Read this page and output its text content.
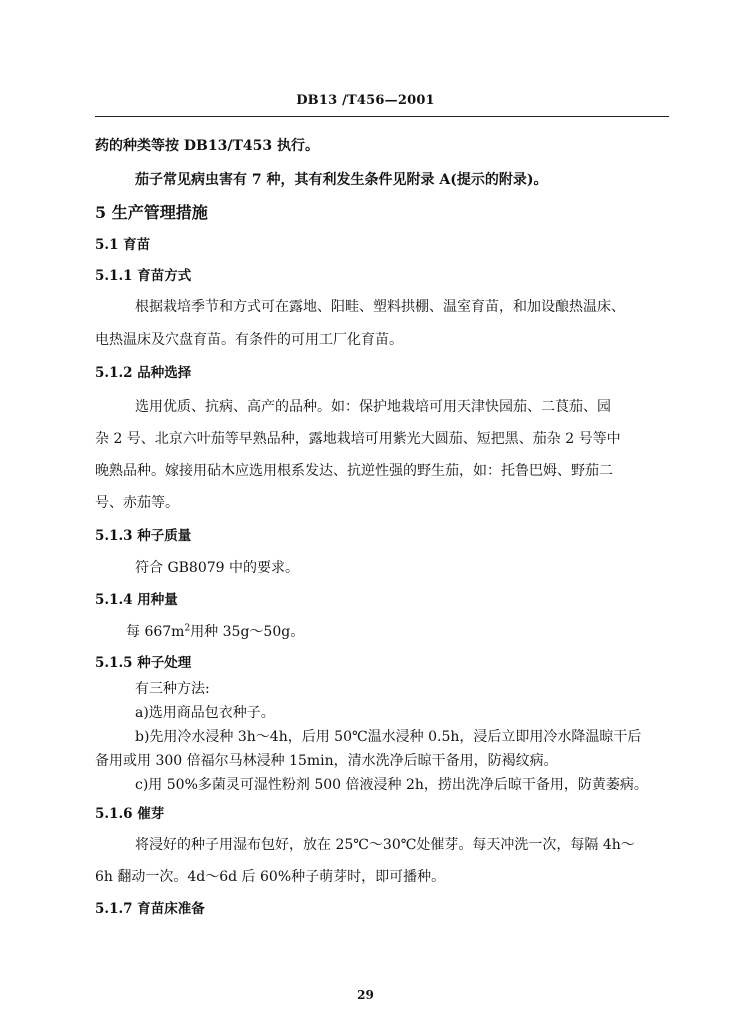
DB13 /T456—2001
药的种类等按 DB13/T453 执行。
茄子常见病虫害有 7 种，其有利发生条件见附录 A(提示的附录)。
5 生产管理措施
5.1 育苗
5.1.1 育苗方式
根据栽培季节和方式可在露地、阳畦、塑料拱棚、温室育苗，和加设酿热温床、
电热温床及穴盘育苗。有条件的可用工厂化育苗。
5.1.2 品种选择
选用优质、抗病、高产的品种。如：保护地栽培可用天津快园茄、二茛茄、园
杂 2 号、北京六叶茄等早熟品种，露地栽培可用紫光大圆茄、短把黑、茄杂 2 号等中
晚熟品种。嫁接用砧木应选用根系发达、抗逆性强的野生茄，如：托鲁巴姆、野茄二
号、赤茄等。
5.1.3 种子质量
符合 GB8079 中的要求。
5.1.4 用种量
每 $667m^2$用种 35g～50g。
5.1.5 种子处理
有三种方法:
a)选用商品包衣种子。
b)先用冷水浸种 3h～4h，后用 50℃温水浸种 0.5h，浸后立即用冷水降温晾干后
备用或用 300 倍福尔马林浸种 15min，清水洗净后晾干备用，防褐纹病。
c)用 50%多菌灵可湿性粉剂 500 倍液浸种 2h，捞出洗净后晾干备用，防黄萎病。
5.1.6 催芽
将浸好的种子用湿布包好，放在 25℃～30℃处催芽。每天冲洗一次，每隔 4h～
6h 翻动一次。4d～6d 后 60%种子萌芽时，即可播种。
5.1.7 育苗床准备
29
